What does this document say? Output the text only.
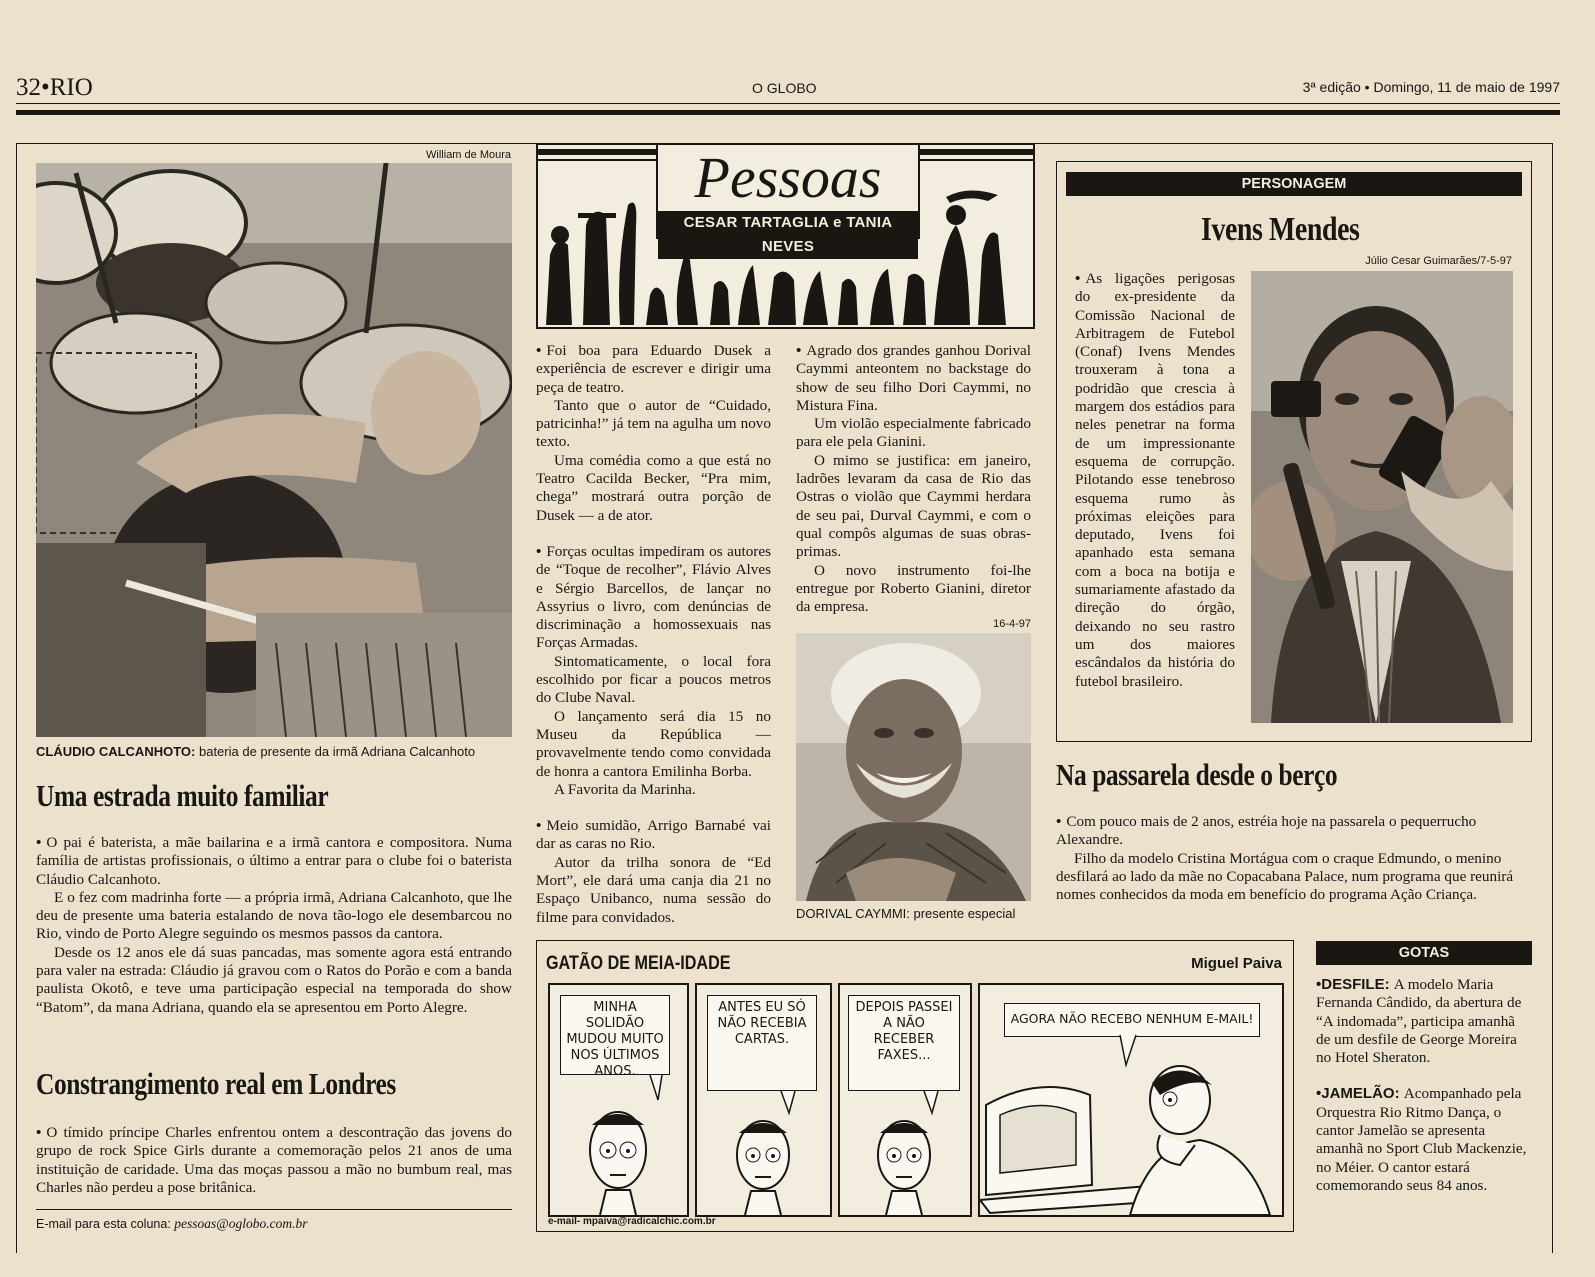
32•RIO	O GLOBO	3ª edição • Domingo, 11 de maio de 1997
William de Moura
CLÁUDIO CALCANHOTO: bateria de presente da irmã Adriana Calcanhoto
Uma estrada muito familiar

• O pai é baterista, a mãe bailarina e a irmã cantora e compositora. Numa família de artistas profissionais, o último a entrar para o clube foi o baterista Cláudio Calcanhoto.

E o fez com madrinha forte — a própria irmã, Adriana Calcanhoto, que lhe deu de presente uma bateria estalando de nova tão-logo ele desembarcou no Rio, vindo de Porto Alegre seguindo os mesmos passos da cantora.

Desde os 12 anos ele dá suas pancadas, mas somente agora está entrando para valer na estrada: Cláudio já gravou com o Ratos do Porão e com a banda paulista Okotô, e teve uma participação especial na temporada do show “Batom”, da mana Adriana, quando ela se apresentou em Porto Alegre.

Constrangimento real em Londres

• O tímido príncipe Charles enfrentou ontem a descontração das jovens do grupo de rock Spice Girls durante a comemoração pelos 21 anos de uma instituição de caridade. Uma das moças passou a mão no bumbum real, mas Charles não perdeu a pose britânica.

E-mail para esta coluna: pessoas@oglobo.com.br
Pessoas
CESAR TARTAGLIA e TANIA NEVES

• Foi boa para Eduardo Dusek a experiência de escrever e dirigir uma peça de teatro.

Tanto que o autor de “Cuidado, patricinha!” já tem na agulha um novo texto.

Uma comédia como a que está no Teatro Cacilda Becker, “Pra mim, chega” mostrará outra porção de Dusek — a de ator.

• Forças ocultas impediram os autores de “Toque de recolher”, Flávio Alves e Sérgio Barcellos, de lançar no Assyrius o livro, com denúncias de discriminação a homossexuais nas Forças Armadas.

Sintomaticamente, o local fora escolhido por ficar a poucos metros do Clube Naval.

O lançamento será dia 15 no Museu da República — provavelmente tendo como convidada de honra a cantora Emilinha Borba.

A Favorita da Marinha.

• Meio sumidão, Arrigo Barnabé vai dar as caras no Rio.

Autor da trilha sonora de “Ed Mort”, ele dará uma canja dia 21 no Espaço Unibanco, numa sessão do filme para convidados.

• Agrado dos grandes ganhou Dorival Caymmi anteontem no backstage do show de seu filho Dori Caymmi, no Mistura Fina.

Um violão especialmente fabricado para ele pela Gianini.

O mimo se justifica: em janeiro, ladrões levaram da casa de Rio das Ostras o violão que Caymmi herdara de seu pai, Durval Caymmi, e com o qual compôs algumas de suas obras-primas.

O novo instrumento foi-lhe entregue por Roberto Gianini, diretor da empresa.

16-4-97
DORIVAL CAYMMI: presente especial
PERSONAGEM
Ivens Mendes
Júlio Cesar Guimarães/7-5-97

• As ligações perigosas do ex-presidente da Comissão Nacional de Arbitragem de Futebol (Conaf) Ivens Mendes trouxeram à tona a podridão que crescia à margem dos estádios para neles penetrar na forma de um impressionante esquema de corrupção. Pilotando esse tenebroso esquema rumo às próximas eleições para deputado, Ivens foi apanhado esta semana com a boca na botija e sumariamente afastado da direção do órgão, deixando no seu rastro um dos maiores escândalos da história do futebol brasileiro.

Na passarela desde o berço

• Com pouco mais de 2 anos, estréia hoje na passarela o pequerrucho Alexandre.

Filho da modelo Cristina Mortágua com o craque Edmundo, o menino desfilará ao lado da mãe no Copacabana Palace, num programa que reunirá nomes conhecidos da moda em benefício do programa Ação Criança.

GATÃO DE MEIA-IDADE	Miguel Paiva
MINHA SOLIDÃO MUDOU MUITO NOS ÚLTIMOS ANOS.
ANTES EU SÓ NÃO RECEBIA CARTAS.
DEPOIS PASSEI A NÃO RECEBER FAXES...
AGORA NÃO RECEBO NENHUM E-MAIL!
e-mail- mpaiva@radicalchic.com.br
GOTAS

•DESFILE: A modelo Maria Fernanda Cândido, da abertura de “A indomada”, participa amanhã de um desfile de George Moreira no Hotel Sheraton.

•JAMELÃO: Acompanhado pela Orquestra Rio Ritmo Dança, o cantor Jamelão se apresenta amanhã no Sport Club Mackenzie, no Méier. O cantor estará comemorando seus 84 anos.
